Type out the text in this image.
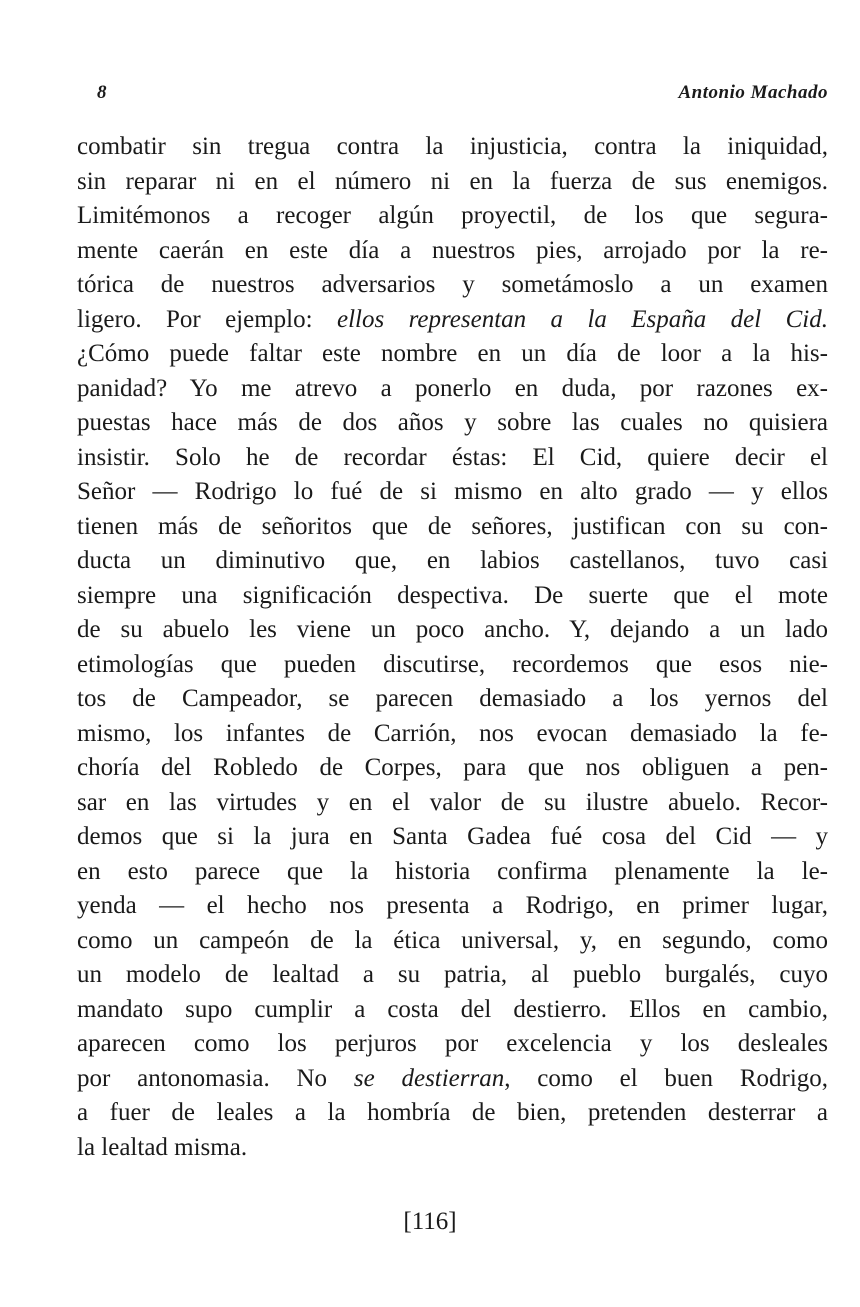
8	Antonio Machado
combatir sin tregua contra la injusticia, contra la iniquidad,
sin reparar ni en el número ni en la fuerza de sus enemigos.
Limitémonos a recoger algún proyectil, de los que segura-
mente caerán en este día a nuestros pies, arrojado por la re-
tórica de nuestros adversarios y sometámoslo a un examen
ligero. Por ejemplo: ellos representan a la España del Cid.
¿Cómo puede faltar este nombre en un día de loor a la his-
panidad? Yo me atrevo a ponerlo en duda, por razones ex-
puestas hace más de dos años y sobre las cuales no quisiera
insistir. Solo he de recordar éstas: El Cid, quiere decir el
Señor — Rodrigo lo fué de si mismo en alto grado — y ellos
tienen más de señoritos que de señores, justifican con su con-
ducta un diminutivo que, en labios castellanos, tuvo casi
siempre una significación despectiva. De suerte que el mote
de su abuelo les viene un poco ancho. Y, dejando a un lado
etimologías que pueden discutirse, recordemos que esos nie-
tos de Campeador, se parecen demasiado a los yernos del
mismo, los infantes de Carrión, nos evocan demasiado la fe-
choría del Robledo de Corpes, para que nos obliguen a pen-
sar en las virtudes y en el valor de su ilustre abuelo. Recor-
demos que si la jura en Santa Gadea fué cosa del Cid — y
en esto parece que la historia confirma plenamente la le-
yenda — el hecho nos presenta a Rodrigo, en primer lugar,
como un campeón de la ética universal, y, en segundo, como
un modelo de lealtad a su patria, al pueblo burgalés, cuyo
mandato supo cumplir a costa del destierro. Ellos en cambio,
aparecen como los perjuros por excelencia y los desleales
por antonomasia. No se destierran, como el buen Rodrigo,
a fuer de leales a la hombría de bien, pretenden desterrar a
la lealtad misma.
[116]
